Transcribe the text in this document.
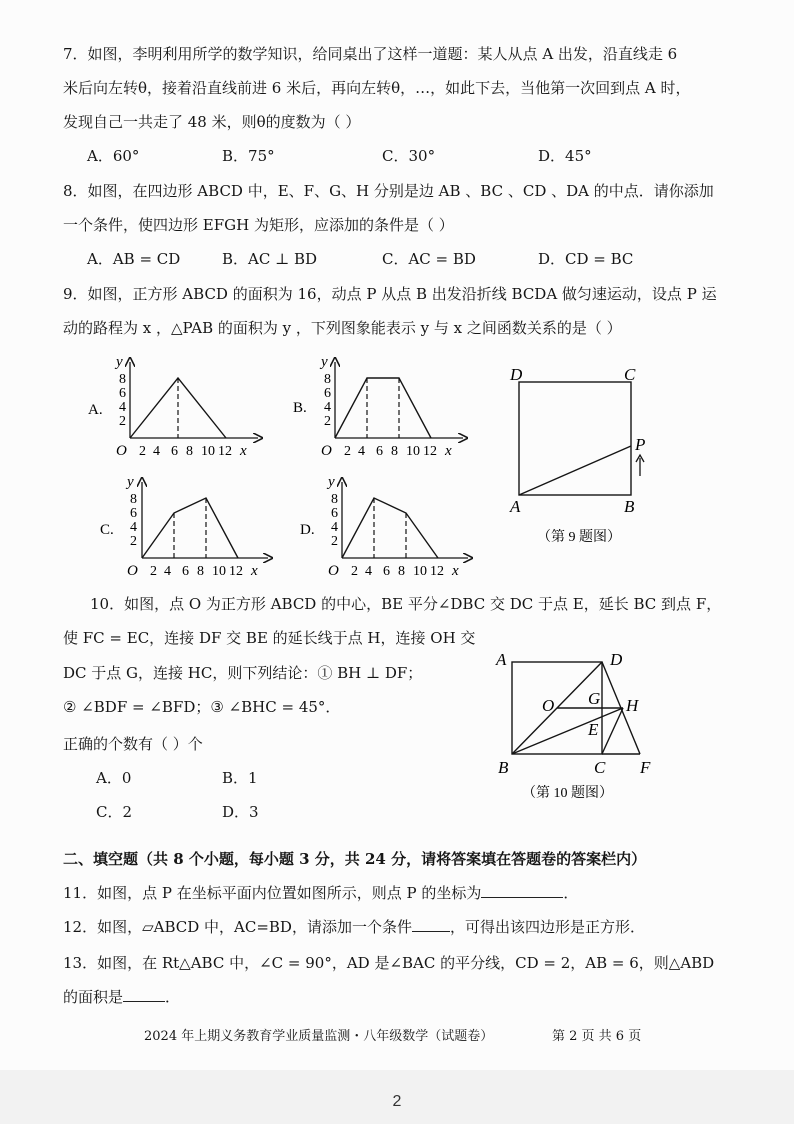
7．如图，李明利用所学的数学知识，给同桌出了这样一道题：某人从点 A 出发，沿直线走 6
米后向左转θ，接着沿直线前进 6 米后，再向左转θ，…，如此下去，当他第一次回到点 A 时，
发现自己一共走了 48 米，则θ的度数为（ ）
A．60°	B．75°	C．30°	D．45°
8．如图，在四边形 ABCD 中，E、F、G、H 分别是边 AB 、BC 、CD 、DA 的中点．请你添加
一个条件，使四边形 EFGH 为矩形，应添加的条件是（ ）
A．AB = CD	B．AC ⊥ BD	C．AC = BD	D．CD = BC
9．如图，正方形 ABCD 的面积为 16，动点 P 从点 B 出发沿折线 BCDA 做匀速运动，设点 P 运
动的路程为 x ，△PAB 的面积为 y ，下列图象能表示 y 与 x 之间函数关系的是（ ）
A.
y
8
6
4
2
O 2 4 6 8 10 12 x
B.
y
8
6
4
2
O 2 4 6 8 10 12 x
C.
y
8
6
4
2
O 2 4 6 8 10 12 x
D.
y
8
6
4
2
O 2 4 6 8 10 12 x
D	C
A	B
P
（第 9 题图）
10．如图，点 O 为正方形 ABCD 的中心，BE 平分∠DBC 交 DC 于点 E，延长 BC 到点 F，
使 FC = EC，连接 DF 交 BE 的延长线于点 H，连接 OH 交
DC 于点 G，连接 HC，则下列结论：① BH ⊥ DF；
② ∠BDF = ∠BFD；③ ∠BHC = 45°．
正确的个数有（ ）个
A．0	B．1
C．2	D．3
A	D
O G H
E
B	C F
（第 10 题图）
二、填空题（共 8 个小题，每小题 3 分，共 24 分，请将答案填在答题卷的答案栏内）
11．如图，点 P 在坐标平面内位置如图所示，则点 P 的坐标为	．
12．如图，▱ABCD 中，AC=BD，请添加一个条件	，可得出该四边形是正方形．
13．如图，在 Rt△ABC 中，∠C = 90°，AD 是∠BAC 的平分线，CD = 2，AB = 6，则△ABD
的面积是	．
2024 年上期义务教育学业质量监测・八年级数学（试题卷）	第 2 页 共 6 页
2
